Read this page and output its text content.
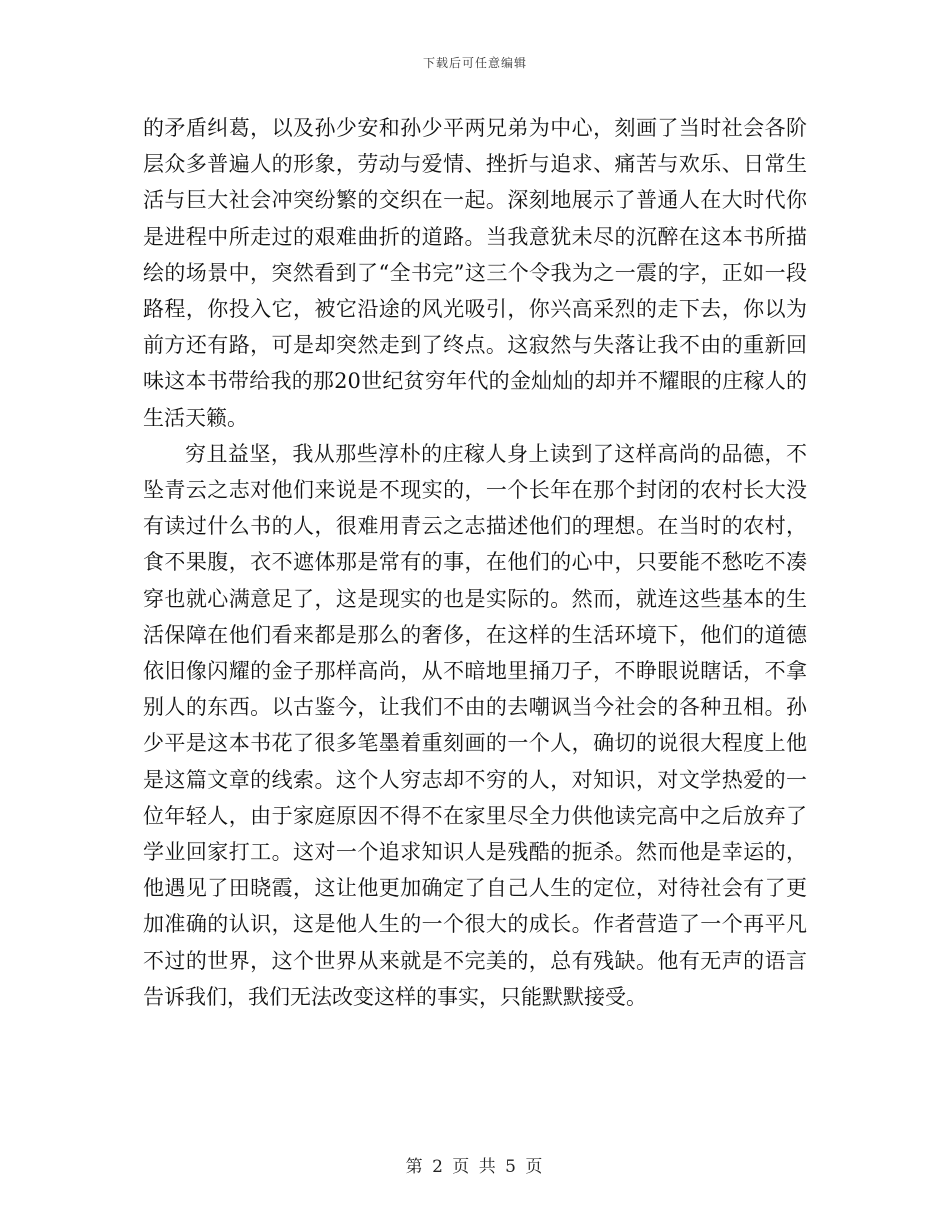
下载后可任意编辑

的矛盾纠葛，以及孙少安和孙少平两兄弟为中心，刻画了当时社会各阶层众多普遍人的形象，劳动与爱情、挫折与追求、痛苦与欢乐、日常生活与巨大社会冲突纷繁的交织在一起。深刻地展示了普通人在大时代你是进程中所走过的艰难曲折的道路。当我意犹未尽的沉醉在这本书所描绘的场景中，突然看到了“全书完”这三个令我为之一震的字，正如一段路程，你投入它，被它沿途的风光吸引，你兴高采烈的走下去，你以为前方还有路，可是却突然走到了终点。这寂然与失落让我不由的重新回味这本书带给我的那20世纪贫穷年代的金灿灿的却并不耀眼的庄稼人的生活天籁。

穷且益坚，我从那些淳朴的庄稼人身上读到了这样高尚的品德，不坠青云之志对他们来说是不现实的，一个长年在那个封闭的农村长大没有读过什么书的人，很难用青云之志描述他们的理想。在当时的农村，食不果腹，衣不遮体那是常有的事，在他们的心中，只要能不愁吃不凑穿也就心满意足了，这是现实的也是实际的。然而，就连这些基本的生活保障在他们看来都是那么的奢侈，在这样的生活环境下，他们的道德依旧像闪耀的金子那样高尚，从不暗地里捅刀子，不睁眼说瞎话，不拿别人的东西。以古鉴今，让我们不由的去嘲讽当今社会的各种丑相。孙少平是这本书花了很多笔墨着重刻画的一个人，确切的说很大程度上他是这篇文章的线索。这个人穷志却不穷的人，对知识，对文学热爱的一位年轻人，由于家庭原因不得不在家里尽全力供他读完高中之后放弃了学业回家打工。这对一个追求知识人是残酷的扼杀。然而他是幸运的，他遇见了田晓霞，这让他更加确定了自己人生的定位，对待社会有了更加准确的认识，这是他人生的一个很大的成长。作者营造了一个再平凡不过的世界，这个世界从来就是不完美的，总有残缺。他有无声的语言告诉我们，我们无法改变这样的事实，只能默默接受。

第 2 页 共 5 页
